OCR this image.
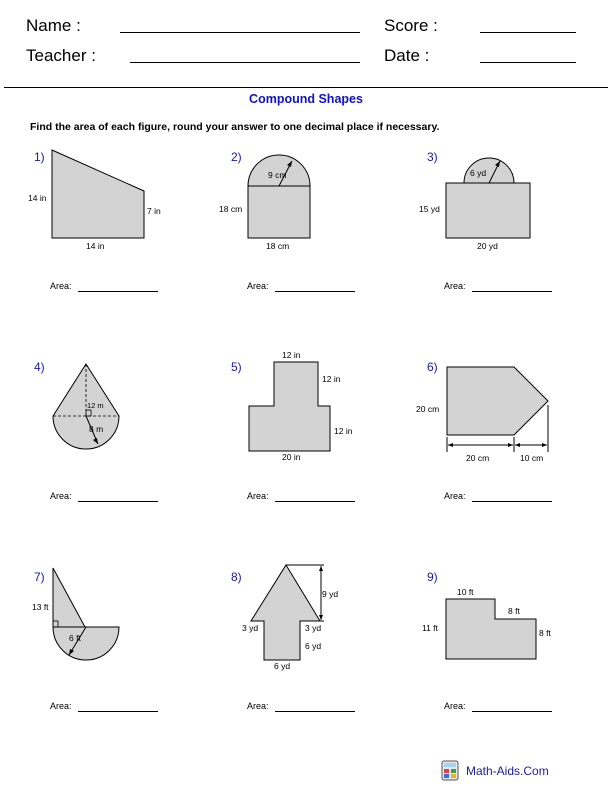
Name :	Score :
Teacher :	Date :
Compound Shapes
Find the area of each figure, round your answer to one decimal place if necessary.
1)
14 in
7 in
14 in
Area:
2)
9 cm
18 cm
18 cm
Area:
3)
6 yd
15 yd
20 yd
Area:
4)
12 m
8 m
Area:
5)
12 in
12 in
12 in
20 in
Area:
6)
20 cm
20 cm	10 cm
Area:
7)
13 ft
6 ft
Area:
8)
9 yd
3 yd	3 yd
6 yd
6 yd
Area:
9)
10 ft
8 ft
11 ft	8 ft
Area:
Math-Aids.Com
